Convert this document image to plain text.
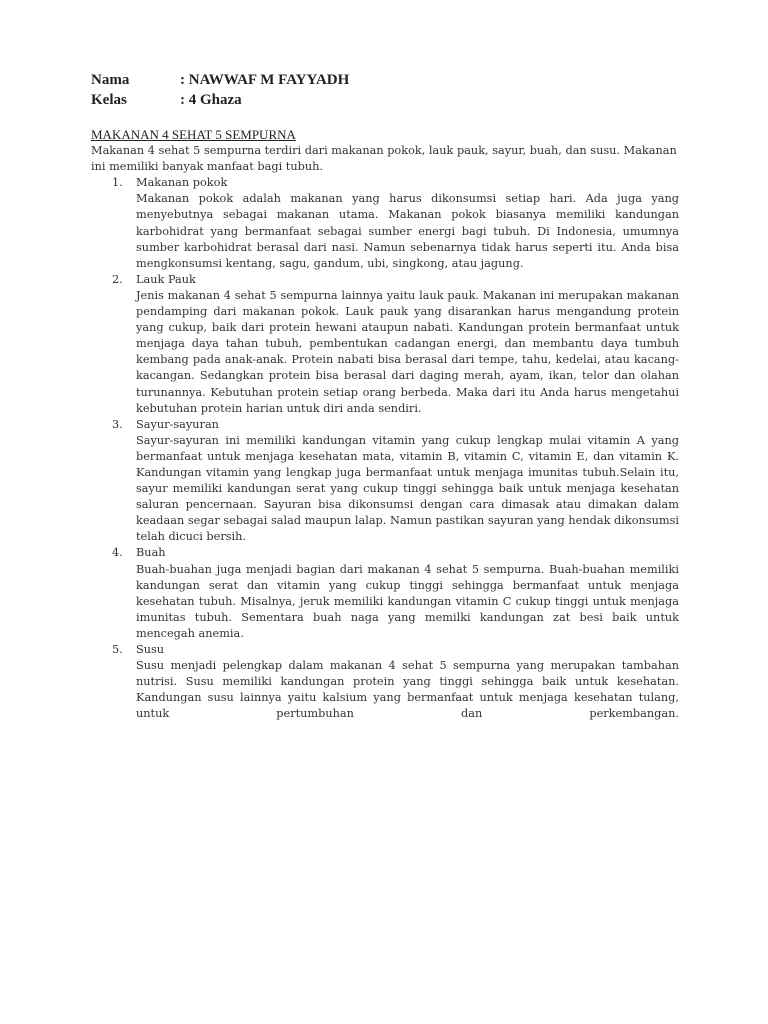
Nama	: NAWWAF M FAYYADH
Kelas	: 4 Ghaza
MAKANAN 4 SEHAT 5 SEMPURNA

Makanan 4 sehat 5 sempurna terdiri dari makanan pokok, lauk pauk, sayur, buah, dan susu. Makanan ini memiliki banyak manfaat bagi tubuh.

1. Makanan pokok

Makanan pokok adalah makanan yang harus dikonsumsi setiap hari. Ada juga yang menyebutnya sebagai makanan utama. Makanan pokok biasanya memiliki kandungan karbohidrat yang bermanfaat sebagai sumber energi bagi tubuh. Di Indonesia, umumnya sumber karbohidrat berasal dari nasi. Namun sebenarnya tidak harus seperti itu. Anda bisa mengkonsumsi kentang, sagu, gandum, ubi, singkong, atau jagung.

2. Lauk Pauk

Jenis makanan 4 sehat 5 sempurna lainnya yaitu lauk pauk. Makanan ini merupakan makanan pendamping dari makanan pokok. Lauk pauk yang disarankan harus mengandung protein yang cukup, baik dari protein hewani ataupun nabati. Kandungan protein bermanfaat untuk menjaga daya tahan tubuh, pembentukan cadangan energi, dan membantu daya tumbuh kembang pada anak-anak. Protein nabati bisa berasal dari tempe, tahu, kedelai, atau kacang-kacangan. Sedangkan protein bisa berasal dari daging merah, ayam, ikan, telor dan olahan turunannya. Kebutuhan protein setiap orang berbeda. Maka dari itu Anda harus mengetahui kebutuhan protein harian untuk diri anda sendiri.

3. Sayur-sayuran

Sayur-sayuran ini memiliki kandungan vitamin yang cukup lengkap mulai vitamin A yang bermanfaat untuk menjaga kesehatan mata, vitamin B, vitamin C, vitamin E, dan vitamin K. Kandungan vitamin yang lengkap juga bermanfaat untuk menjaga imunitas tubuh.Selain itu, sayur memiliki kandungan serat yang cukup tinggi sehingga baik untuk menjaga kesehatan saluran pencernaan. Sayuran bisa dikonsumsi dengan cara dimasak atau dimakan dalam keadaan segar sebagai salad maupun lalap. Namun pastikan sayuran yang hendak dikonsumsi telah dicuci bersih.

4. Buah

Buah-buahan juga menjadi bagian dari makanan 4 sehat 5 sempurna. Buah-buahan memiliki kandungan serat dan vitamin yang cukup tinggi sehingga bermanfaat untuk menjaga kesehatan tubuh. Misalnya, jeruk memiliki kandungan vitamin C cukup tinggi untuk menjaga imunitas tubuh. Sementara buah naga yang memilki kandungan zat besi baik untuk mencegah anemia.

5. Susu

Susu menjadi pelengkap dalam makanan 4 sehat 5 sempurna yang merupakan tambahan nutrisi. Susu memiliki kandungan protein yang tinggi sehingga baik untuk kesehatan. Kandungan susu lainnya yaitu kalsium yang bermanfaat untuk menjaga kesehatan tulang, untuk pertumbuhan dan perkembangan.
